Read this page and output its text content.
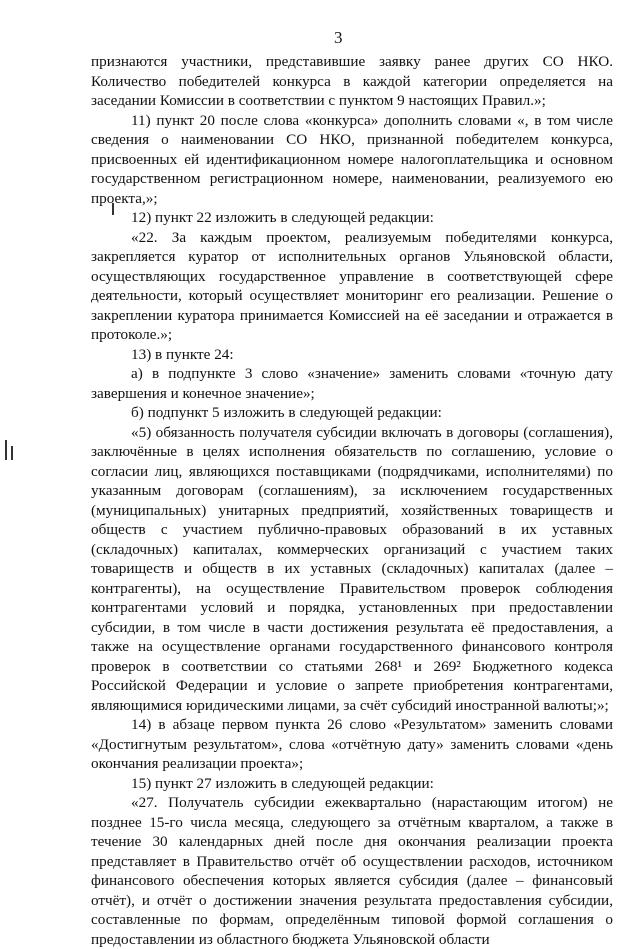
3

признаются участники, представившие заявку ранее других СО НКО. Количество победителей конкурса в каждой категории определяется на заседании Комиссии в соответствии с пунктом 9 настоящих Правил.»;

11) пункт 20 после слова «конкурса» дополнить словами «, в том числе сведения о наименовании СО НКО, признанной победителем конкурса, присвоенных ей идентификационном номере налогоплательщика и основном государственном регистрационном номере, наименовании, реализуемого ею проекта,»;

12) пункт 22 изложить в следующей редакции:

«22. За каждым проектом, реализуемым победителями конкурса, закрепляется куратор от исполнительных органов Ульяновской области, осуществляющих государственное управление в соответствующей сфере деятельности, который осуществляет мониторинг его реализации. Решение о закреплении куратора принимается Комиссией на её заседании и отражается в протоколе.»;

13) в пункте 24:

а) в подпункте 3 слово «значение» заменить словами «точную дату завершения и конечное значение»;

б) подпункт 5 изложить в следующей редакции:

«5) обязанность получателя субсидии включать в договоры (соглашения), заключённые в целях исполнения обязательств по соглашению, условие о согласии лиц, являющихся поставщиками (подрядчиками, исполнителями) по указанным договорам (соглашениям), за исключением государственных (муниципальных) унитарных предприятий, хозяйственных товариществ и обществ с участием публично-правовых образований в их уставных (складочных) капиталах, коммерческих организаций с участием таких товариществ и обществ в их уставных (складочных) капиталах (далее – контрагенты), на осуществление Правительством проверок соблюдения контрагентами условий и порядка, установленных при предоставлении субсидии, в том числе в части достижения результата её предоставления, а также на осуществление органами государственного финансового контроля проверок в соответствии со статьями 268¹ и 269² Бюджетного кодекса Российской Федерации и условие о запрете приобретения контрагентами, являющимися юридическими лицами, за счёт субсидий иностранной валюты;»;

14) в абзаце первом пункта 26 слово «Результатом» заменить словами «Достигнутым результатом», слова «отчётную дату» заменить словами «день окончания реализации проекта»;

15) пункт 27 изложить в следующей редакции:

«27. Получатель субсидии ежеквартально (нарастающим итогом) не позднее 15-го числа месяца, следующего за отчётным кварталом, а также в течение 30 календарных дней после дня окончания реализации проекта представляет в Правительство отчёт об осуществлении расходов, источником финансового обеспечения которых является субсидия (далее – финансовый отчёт), и отчёт о достижении значения результата предоставления субсидии, составленные по формам, определённым типовой формой соглашения о предоставлении из областного бюджета Ульяновской области
